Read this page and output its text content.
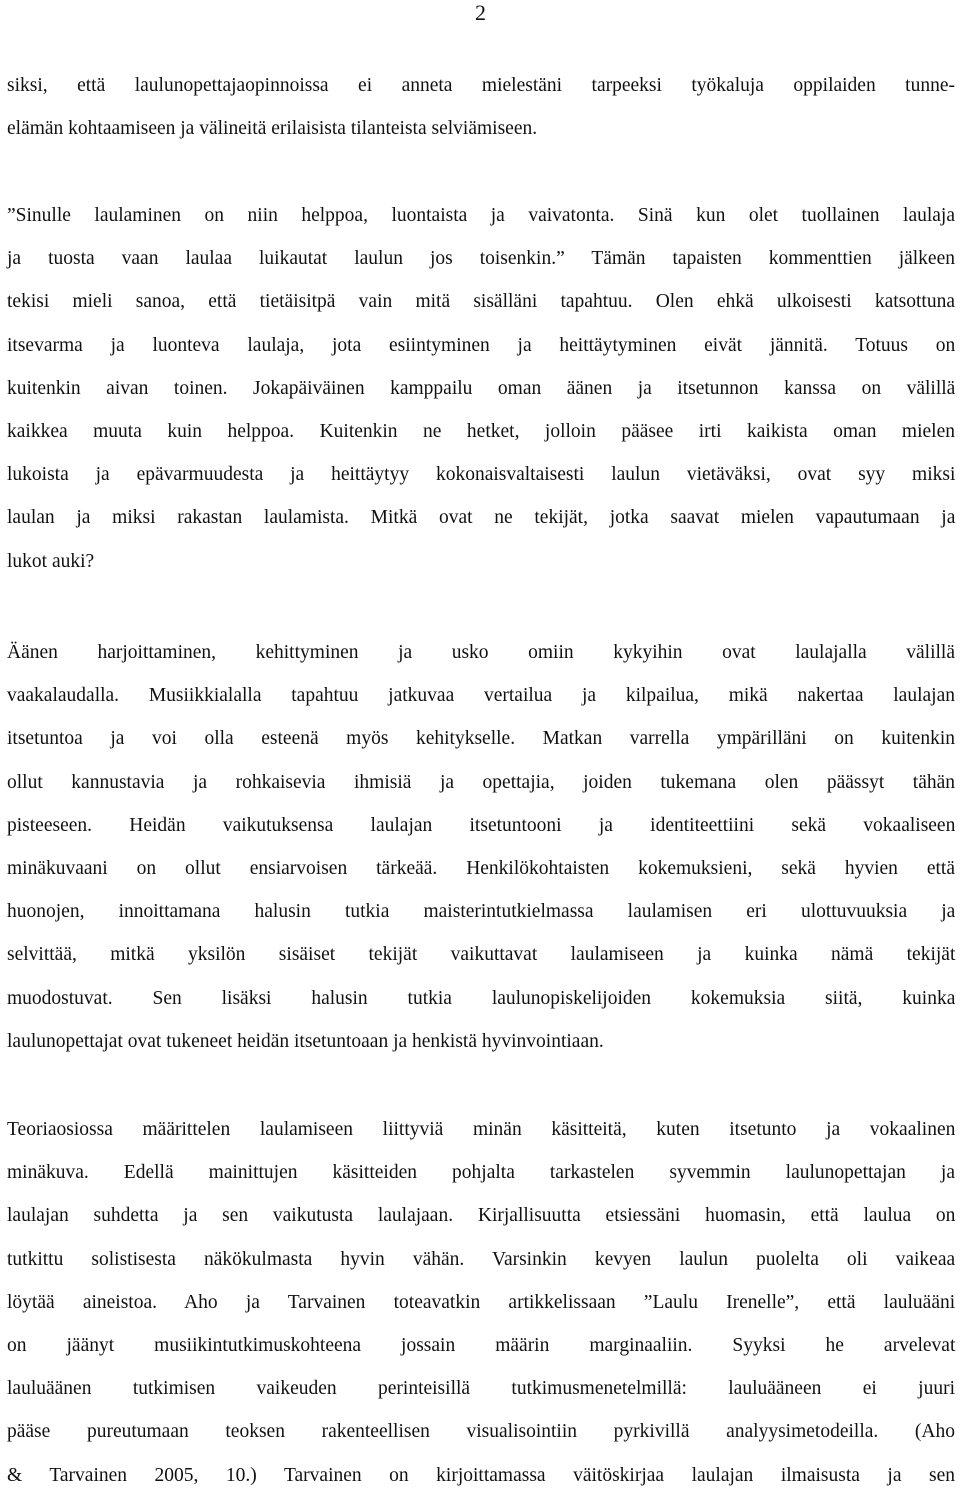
2
siksi, että laulunopettajaopinnoissa ei anneta mielestäni tarpeeksi työkaluja oppilaiden tunne-
elämän kohtaamiseen ja välineitä erilaisista tilanteista selviämiseen.
”Sinulle laulaminen on niin helppoa, luontaista ja vaivatonta. Sinä kun olet tuollainen laulaja
ja tuosta vaan laulaa luikautat laulun jos toisenkin.” Tämän tapaisten kommenttien jälkeen
tekisi mieli sanoa, että tietäisitpä vain mitä sisälläni tapahtuu. Olen ehkä ulkoisesti katsottuna
itsevarma ja luonteva laulaja, jota esiintyminen ja heittäytyminen eivät jännitä. Totuus on
kuitenkin aivan toinen. Jokapäiväinen kamppailu oman äänen ja itsetunnon kanssa on välillä
kaikkea muuta kuin helppoa. Kuitenkin ne hetket, jolloin pääsee irti kaikista oman mielen
lukoista ja epävarmuudesta ja heittäytyy kokonaisvaltaisesti laulun vietäväksi, ovat syy miksi
laulan ja miksi rakastan laulamista. Mitkä ovat ne tekijät, jotka saavat mielen vapautumaan ja
lukot auki?
Äänen harjoittaminen, kehittyminen ja usko omiin kykyihin ovat laulajalla välillä
vaakalaudalla. Musiikkialalla tapahtuu jatkuvaa vertailua ja kilpailua, mikä nakertaa laulajan
itsetuntoa ja voi olla esteenä myös kehitykselle. Matkan varrella ympärilläni on kuitenkin
ollut kannustavia ja rohkaisevia ihmisiä ja opettajia, joiden tukemana olen päässyt tähän
pisteeseen. Heidän vaikutuksensa laulajan itsetuntooni ja identiteettiini sekä vokaaliseen
minäkuvaani on ollut ensiarvoisen tärkeää. Henkilökohtaisten kokemuksieni, sekä hyvien että
huonojen, innoittamana halusin tutkia maisterintutkielmassa laulamisen eri ulottuvuuksia ja
selvittää, mitkä yksilön sisäiset tekijät vaikuttavat laulamiseen ja kuinka nämä tekijät
muodostuvat. Sen lisäksi halusin tutkia laulunopiskelijoiden kokemuksia siitä, kuinka
laulunopettajat ovat tukeneet heidän itsetuntoaan ja henkistä hyvinvointiaan.
Teoriaosiossa määrittelen laulamiseen liittyviä minän käsitteitä, kuten itsetunto ja vokaalinen
minäkuva. Edellä mainittujen käsitteiden pohjalta tarkastelen syvemmin laulunopettajan ja
laulajan suhdetta ja sen vaikutusta laulajaan. Kirjallisuutta etsiessäni huomasin, että laulua on
tutkittu solistisesta näkökulmasta hyvin vähän. Varsinkin kevyen laulun puolelta oli vaikeaa
löytää aineistoa. Aho ja Tarvainen toteavatkin artikkelissaan ”Laulu Irenelle”, että lauluääni
on jäänyt musiikintutkimuskohteena jossain määrin marginaaliin. Syyksi he arvelevat
lauluäänen tutkimisen vaikeuden perinteisillä tutkimusmenetelmillä: lauluääneen ei juuri
pääse pureutumaan teoksen rakenteellisen visualisointiin pyrkivillä analyysimetodeilla. (Aho
& Tarvainen 2005, 10.) Tarvainen on kirjoittamassa väitöskirjaa laulajan ilmaisusta ja sen
